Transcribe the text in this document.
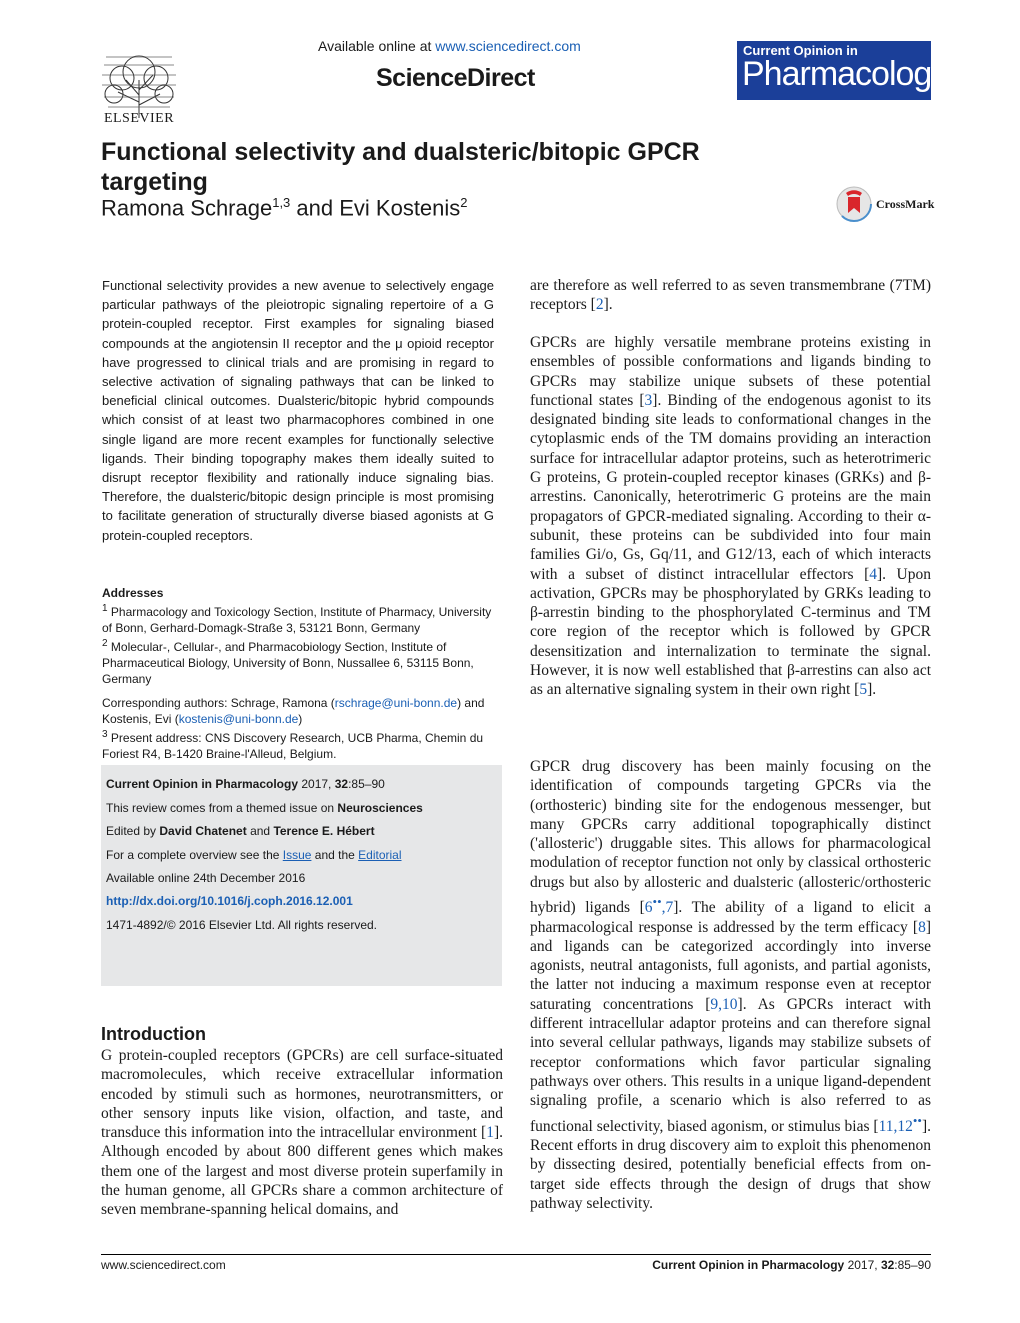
ELSEVIER
Available online at www.sciencedirect.com
ScienceDirect
Current Opinion in
Pharmacology
Functional selectivity and dualsteric/bitopic GPCR targeting
Ramona Schrage$^{1,3}$ and Evi Kostenis$^2$	CrossMark
Functional selectivity provides a new avenue to selectively engage particular pathways of the pleiotropic signaling repertoire of a G protein-coupled receptor. First examples for signaling biased compounds at the angiotensin II receptor and the μ opioid receptor have progressed to clinical trials and are promising in regard to selective activation of signaling pathways that can be linked to beneficial clinical outcomes. Dualsteric/bitopic hybrid compounds which consist of at least two pharmacophores combined in one single ligand are more recent examples for functionally selective ligands. Their binding topography makes them ideally suited to disrupt receptor flexibility and rationally induce signaling bias. Therefore, the dualsteric/bitopic design principle is most promising to facilitate generation of structurally diverse biased agonists at G protein-coupled receptors.

Addresses

$^1$ Pharmacology and Toxicology Section, Institute of Pharmacy, University of Bonn, Gerhard-Domagk-Straße 3, 53121 Bonn, Germany

$^2$ Molecular-, Cellular-, and Pharmacobiology Section, Institute of Pharmaceutical Biology, University of Bonn, Nussallee 6, 53115 Bonn, Germany

Corresponding authors: Schrage, Ramona (rschrage@uni-bonn.de) and Kostenis, Evi (kostenis@uni-bonn.de)

$^3$ Present address: CNS Discovery Research, UCB Pharma, Chemin du Foriest R4, B-1420 Braine-l'Alleud, Belgium.

Current Opinion in Pharmacology 2017, 32:85–90
This review comes from a themed issue on Neurosciences
Edited by David Chatenet and Terence E. Hébert
For a complete overview see the Issue and the Editorial
Available online 24th December 2016
http://dx.doi.org/10.1016/j.coph.2016.12.001
1471-4892/© 2016 Elsevier Ltd. All rights reserved.
Introduction
G protein-coupled receptors (GPCRs) are cell surface-situated macromolecules, which receive extracellular information encoded by stimuli such as hormones, neurotransmitters, or other sensory inputs like vision, olfaction, and taste, and transduce this information into the intracellular environment [1]. Although encoded by about 800 different genes which makes them one of the largest and most diverse protein superfamily in the human genome, all GPCRs share a common architecture of seven membrane-spanning helical domains, and

are therefore as well referred to as seven transmembrane (7TM) receptors [2].

GPCRs are highly versatile membrane proteins existing in ensembles of possible conformations and ligands binding to GPCRs may stabilize unique subsets of these potential functional states [3]. Binding of the endogenous agonist to its designated binding site leads to conformational changes in the cytoplasmic ends of the TM domains providing an interaction surface for intracellular adaptor proteins, such as heterotrimeric G proteins, G protein-coupled receptor kinases (GRKs) and β-arrestins. Canonically, heterotrimeric G proteins are the main propagators of GPCR-mediated signaling. According to their α-subunit, these proteins can be subdivided into four main families Gi/o, Gs, Gq/11, and G12/13, each of which interacts with a subset of distinct intracellular effectors [4]. Upon activation, GPCRs may be phosphorylated by GRKs leading to β-arrestin binding to the phosphorylated C-terminus and TM core region of the receptor which is followed by GPCR desensitization and internalization to terminate the signal. However, it is now well established that β-arrestins can also act as an alternative signaling system in their own right [5].

GPCR drug discovery has been mainly focusing on the identification of compounds targeting GPCRs via the (orthosteric) binding site for the endogenous messenger, but many GPCRs carry additional topographically distinct ('allosteric') druggable sites. This allows for pharmacological modulation of receptor function not only by classical orthosteric drugs but also by allosteric and dualsteric (allosteric/orthosteric hybrid) ligands [6••,7]. The ability of a ligand to elicit a pharmacological response is addressed by the term efficacy [8] and ligands can be categorized accordingly into inverse agonists, neutral antagonists, full agonists, and partial agonists, the latter not inducing a maximum response even at receptor saturating concentrations [9,10]. As GPCRs interact with different intracellular adaptor proteins and can therefore signal into several cellular pathways, ligands may stabilize subsets of receptor conformations which favor particular signaling pathways over others. This results in a unique ligand-dependent signaling profile, a scenario which is also referred to as functional selectivity, biased agonism, or stimulus bias [11,12••]. Recent efforts in drug discovery aim to exploit this phenomenon by dissecting desired, potentially beneficial effects from on-target side effects through the design of drugs that show pathway selectivity.

www.sciencedirect.com	Current Opinion in Pharmacology 2017, 32:85–90
